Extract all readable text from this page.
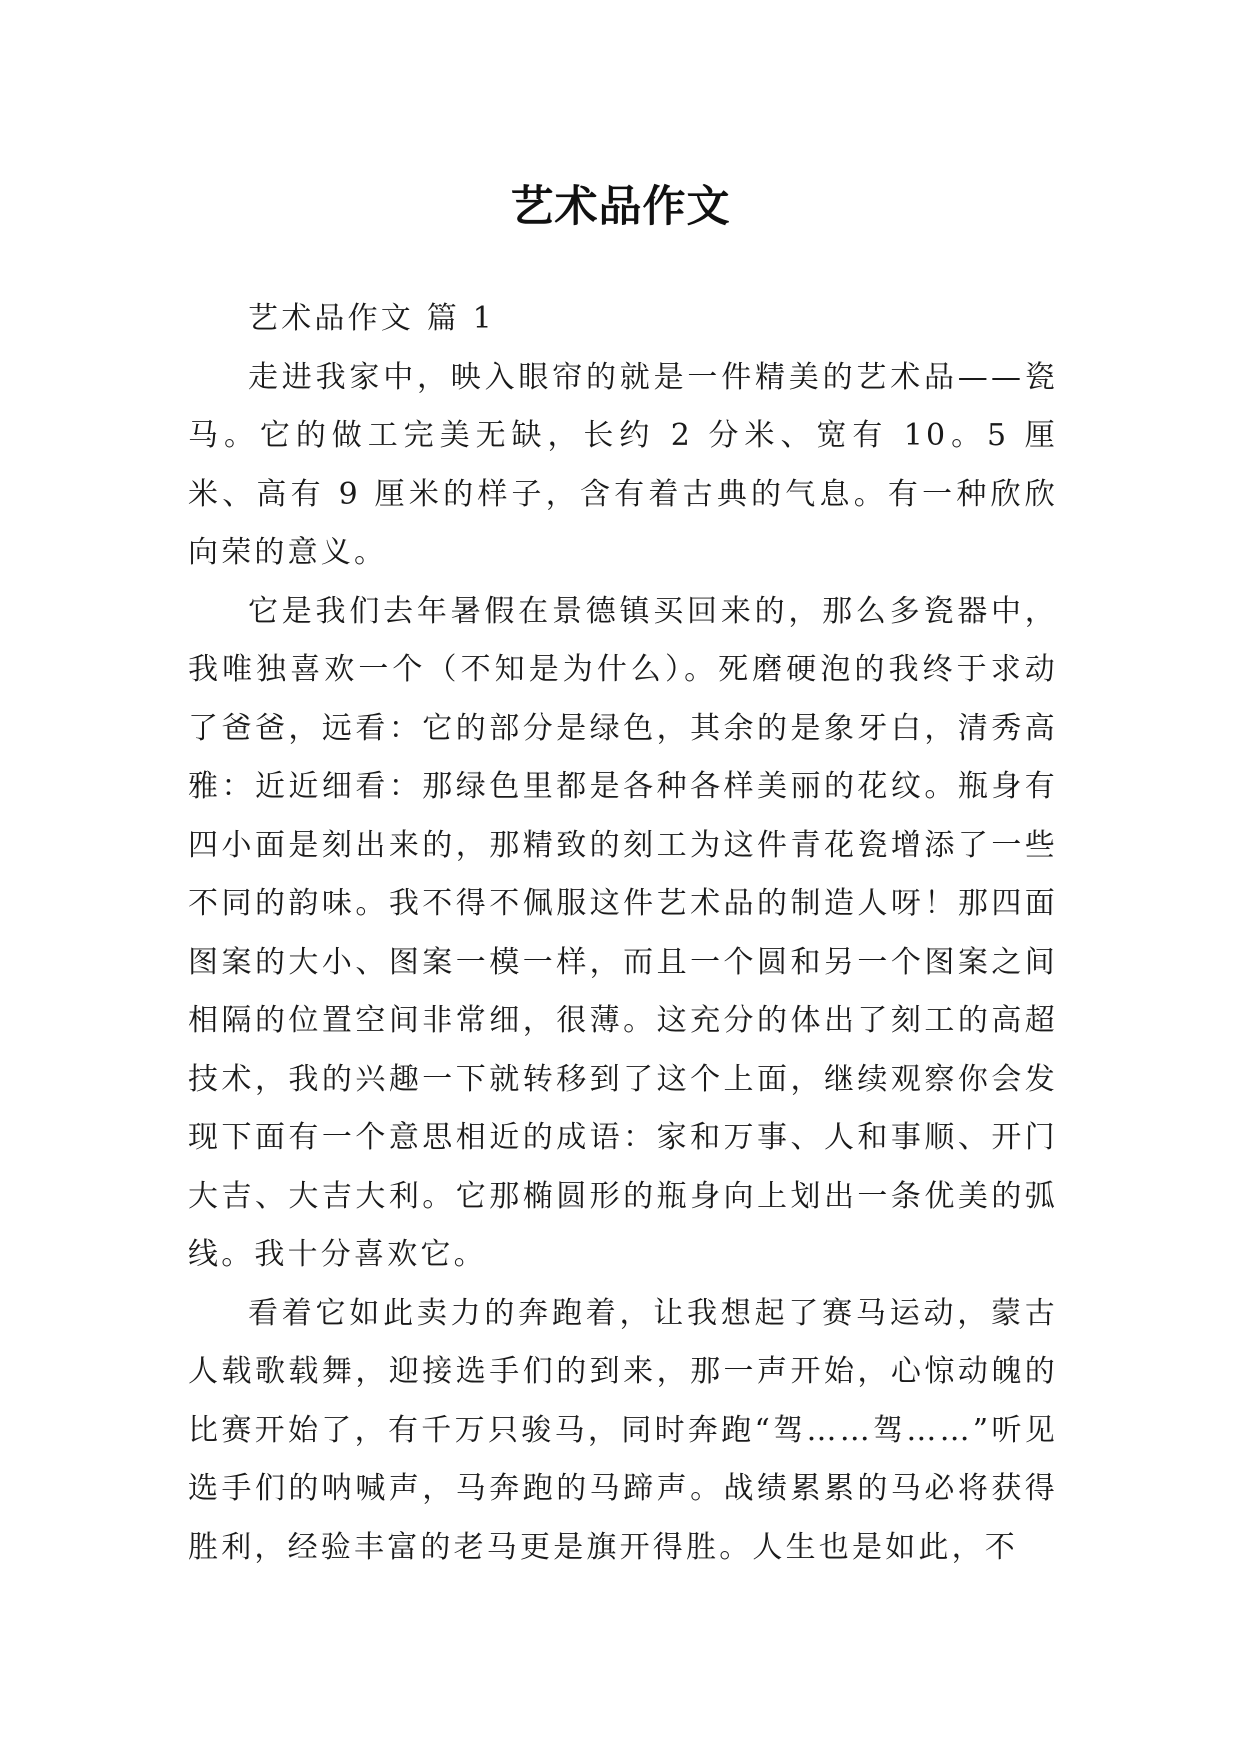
艺术品作文

艺术品作文 篇 1

走进我家中，映入眼帘的就是一件精美的艺术品——瓷马。它的做工完美无缺，长约 2 分米、宽有 10。5 厘米、高有 9 厘米的样子，含有着古典的气息。有一种欣欣向荣的意义。

它是我们去年暑假在景德镇买回来的，那么多瓷器中，我唯独喜欢一个（不知是为什么）。死磨硬泡的我终于求动了爸爸，远看：它的部分是绿色，其余的是象牙白，清秀高雅：近近细看：那绿色里都是各种各样美丽的花纹。瓶身有四小面是刻出来的，那精致的刻工为这件青花瓷增添了一些不同的韵味。我不得不佩服这件艺术品的制造人呀！那四面图案的大小、图案一模一样，而且一个圆和另一个图案之间相隔的位置空间非常细，很薄。这充分的体出了刻工的高超技术，我的兴趣一下就转移到了这个上面，继续观察你会发现下面有一个意思相近的成语：家和万事、人和事顺、开门大吉、大吉大利。它那椭圆形的瓶身向上划出一条优美的弧线。我十分喜欢它。

看着它如此卖力的奔跑着，让我想起了赛马运动，蒙古人载歌载舞，迎接选手们的到来，那一声开始，心惊动魄的比赛开始了，有千万只骏马，同时奔跑“驾……驾……”听见选手们的呐喊声，马奔跑的马蹄声。战绩累累的马必将获得胜利，经验丰富的老马更是旗开得胜。人生也是如此，不
